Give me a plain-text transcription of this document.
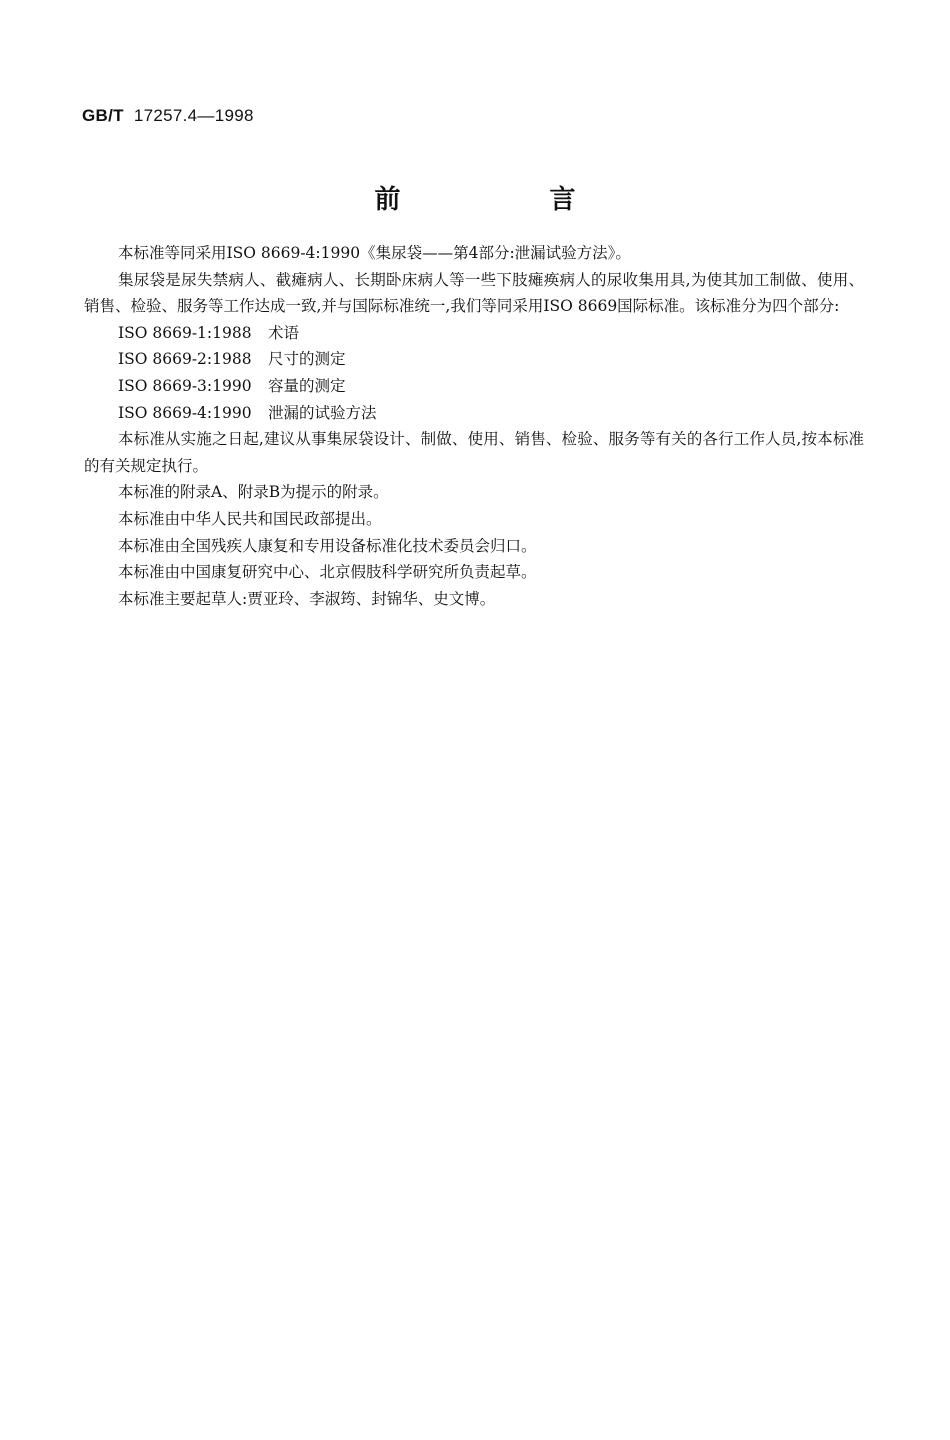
GB/T 17257.4—1998
前 言

本标准等同采用ISO 8669-4:1990《集尿袋——第4部分:泄漏试验方法》。

集尿袋是尿失禁病人、截瘫病人、长期卧床病人等一些下肢瘫痪病人的尿收集用具,为使其加工制做、使用、销售、检验、服务等工作达成一致,并与国际标准统一,我们等同采用ISO 8669国际标准。该标准分为四个部分:

ISO 8669-1:1988 术语

ISO 8669-2:1988 尺寸的测定

ISO 8669-3:1990 容量的测定

ISO 8669-4:1990 泄漏的试验方法

本标准从实施之日起,建议从事集尿袋设计、制做、使用、销售、检验、服务等有关的各行工作人员,按本标准的有关规定执行。

本标准的附录A、附录B为提示的附录。

本标准由中华人民共和国民政部提出。

本标准由全国残疾人康复和专用设备标准化技术委员会归口。

本标准由中国康复研究中心、北京假肢科学研究所负责起草。

本标准主要起草人:贾亚玲、李淑筠、封锦华、史文博。
